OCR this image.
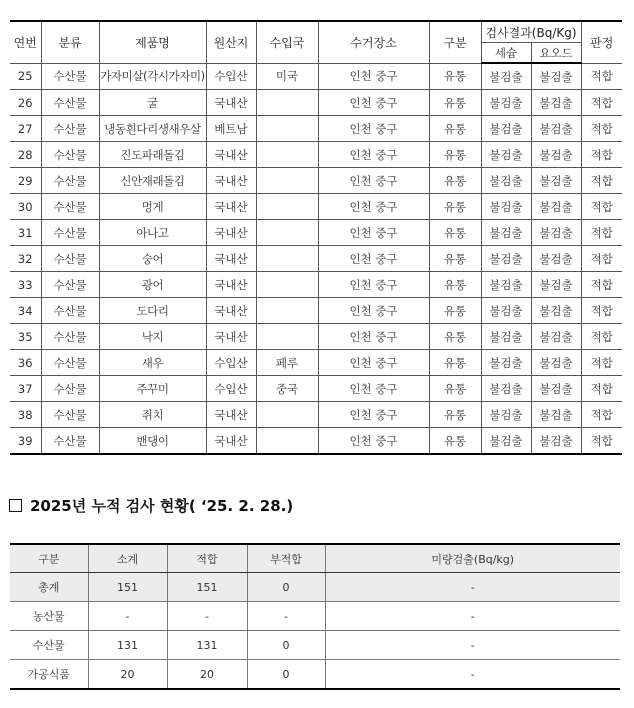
연번	분류	제품명	원산지	수입국	수거장소	구분	검사결과(Bq/Kg)		판정
							세슘	요오드	
25	수산물	가자미살(각시가자미)	수입산	미국	인천 중구	유통	불검출	불검출	적합
26	수산물	굴	국내산		인천 중구	유통	불검출	불검출	적합
27	수산물	냉동흰다리생새우살	베트남		인천 중구	유통	불검출	불검출	적합
28	수산물	진도파래돌김	국내산		인천 중구	유통	불검출	불검출	적합
29	수산물	신안재래돌김	국내산		인천 중구	유통	불검출	불검출	적합
30	수산물	멍게	국내산		인천 중구	유통	불검출	불검출	적합
31	수산물	아나고	국내산		인천 중구	유통	불검출	불검출	적합
32	수산물	숭어	국내산		인천 중구	유통	불검출	불검출	적합
33	수산물	광어	국내산		인천 중구	유통	불검출	불검출	적합
34	수산물	도다리	국내산		인천 중구	유통	불검출	불검출	적합
35	수산물	낙지	국내산		인천 중구	유통	불검출	불검출	적합
36	수산물	새우	수입산	페루	인천 중구	유통	불검출	불검출	적합
37	수산물	주꾸미	수입산	중국	인천 중구	유통	불검출	불검출	적합
38	수산물	쥐치	국내산		인천 중구	유통	불검출	불검출	적합
39	수산물	밴댕이	국내산		인천 중구	유통	불검출	불검출	적합
2025년 누적 검사 현황( ‘25. 2. 28.)
구분	소계	적합	부적합	미량검출(Bq/kg)
총계	151	151	0	-
농산물	-	-	-	-
수산물	131	131	0	-
가공식품	20	20	0	-
